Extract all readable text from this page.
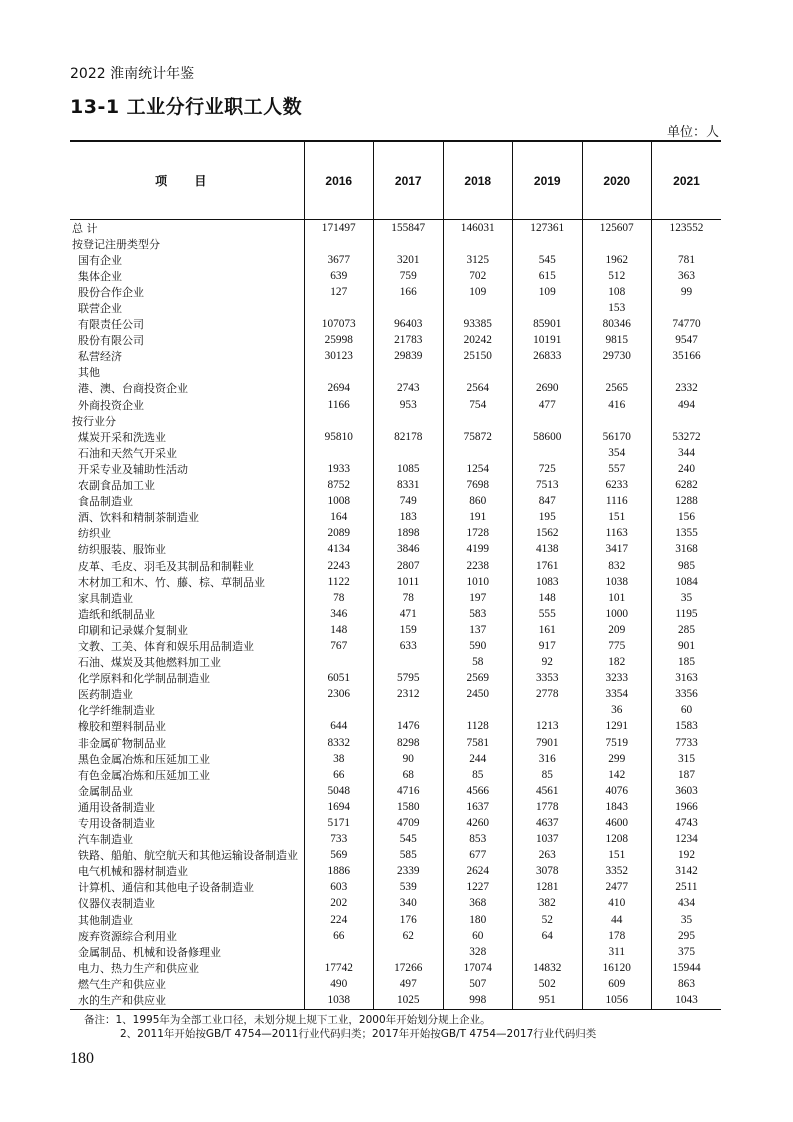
2022 淮南统计年鉴
13-1 工业分行业职工人数
单位：人
项 目	2016	2017	2018	2019	2020	2021
总 计	171497	155847	146031	127361	125607	123552
按登记注册类型分						
国有企业	3677	3201	3125	545	1962	781
集体企业	639	759	702	615	512	363
股份合作企业	127	166	109	109	108	99
联营企业					153	
有限责任公司	107073	96403	93385	85901	80346	74770
股份有限公司	25998	21783	20242	10191	9815	9547
私营经济	30123	29839	25150	26833	29730	35166
其他						
港、澳、台商投资企业	2694	2743	2564	2690	2565	2332
外商投资企业	1166	953	754	477	416	494
按行业分						
煤炭开采和洗选业	95810	82178	75872	58600	56170	53272
石油和天然气开采业					354	344
开采专业及辅助性活动	1933	1085	1254	725	557	240
农副食品加工业	8752	8331	7698	7513	6233	6282
食品制造业	1008	749	860	847	1116	1288
酒、饮料和精制茶制造业	164	183	191	195	151	156
纺织业	2089	1898	1728	1562	1163	1355
纺织服装、服饰业	4134	3846	4199	4138	3417	3168
皮革、毛皮、羽毛及其制品和制鞋业	2243	2807	2238	1761	832	985
木材加工和木、竹、藤、棕、草制品业	1122	1011	1010	1083	1038	1084
家具制造业	78	78	197	148	101	35
造纸和纸制品业	346	471	583	555	1000	1195
印刷和记录媒介复制业	148	159	137	161	209	285
文教、工美、体育和娱乐用品制造业	767	633	590	917	775	901
石油、煤炭及其他燃料加工业			58	92	182	185
化学原料和化学制品制造业	6051	5795	2569	3353	3233	3163
医药制造业	2306	2312	2450	2778	3354	3356
化学纤维制造业					36	60
橡胶和塑料制品业	644	1476	1128	1213	1291	1583
非金属矿物制品业	8332	8298	7581	7901	7519	7733
黑色金属冶炼和压延加工业	38	90	244	316	299	315
有色金属冶炼和压延加工业	66	68	85	85	142	187
金属制品业	5048	4716	4566	4561	4076	3603
通用设备制造业	1694	1580	1637	1778	1843	1966
专用设备制造业	5171	4709	4260	4637	4600	4743
汽车制造业	733	545	853	1037	1208	1234
铁路、船舶、航空航天和其他运输设备制造业	569	585	677	263	151	192
电气机械和器材制造业	1886	2339	2624	3078	3352	3142
计算机、通信和其他电子设备制造业	603	539	1227	1281	2477	2511
仪器仪表制造业	202	340	368	382	410	434
其他制造业	224	176	180	52	44	35
废弃资源综合利用业	66	62	60	64	178	295
金属制品、机械和设备修理业			328		311	375
电力、热力生产和供应业	17742	17266	17074	14832	16120	15944
燃气生产和供应业	490	497	507	502	609	863
水的生产和供应业	1038	1025	998	951	1056	1043
备注：1、1995年为全部工业口径，未划分规上规下工业，2000年开始划分规上企业。
2、2011年开始按GB/T 4754—2011行业代码归类；2017年开始按GB/T 4754—2017行业代码归类
180
